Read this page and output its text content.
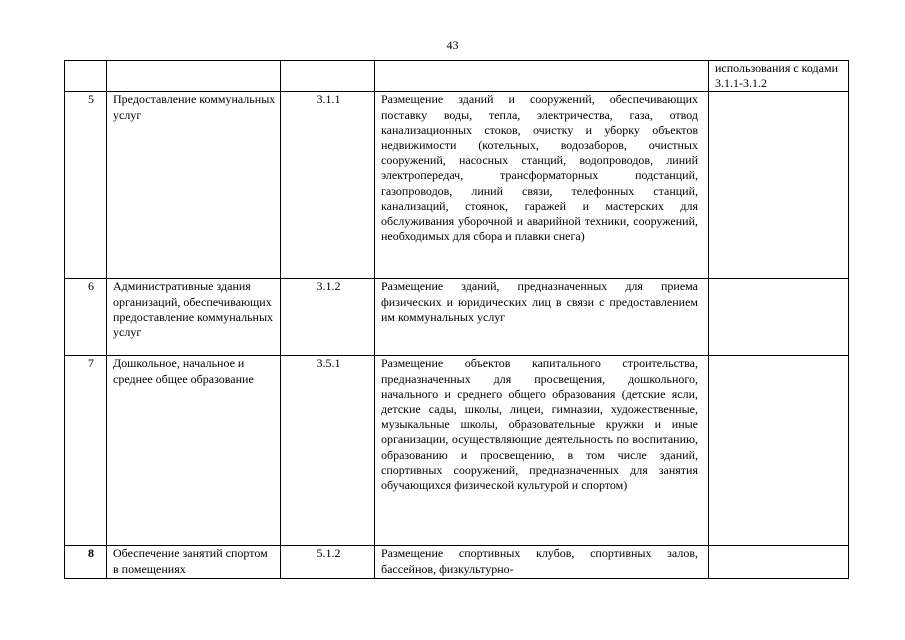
43
				использования с кодами 3.1.1-3.1.2
5	Предоставление коммунальных услуг	3.1.1	Размещение зданий и сооружений, обеспечивающих поставку воды, тепла, электричества, газа, отвод канализационных стоков, очистку и уборку объектов недвижимости (котельных, водозаборов, очистных сооружений, насосных станций, водопроводов, линий электропередач, трансформаторных подстанций, газопроводов, линий связи, телефонных станций, канализаций, стоянок, гаражей и мастерских для обслуживания уборочной и аварийной техники, сооружений, необходимых для сбора и плавки снега)	
6	Административные здания организаций, обеспечивающих предоставление коммунальных услуг	3.1.2	Размещение зданий, предназначенных для приема физических и юридических лиц в связи с предоставлением им коммунальных услуг	
7	Дошкольное, начальное и среднее общее образование	3.5.1	Размещение объектов капитального строительства, предназначенных для просвещения, дошкольного, начального и среднего общего образования (детские ясли, детские сады, школы, лицеи, гимназии, художественные, музыкальные школы, образовательные кружки и иные организации, осуществляющие деятельность по воспитанию, образованию и просвещению, в том числе зданий, спортивных сооружений, предназначенных для занятия обучающихся физической культурой и спортом)	
8	Обеспечение занятий спортом в помещениях	5.1.2	Размещение спортивных клубов, спортивных залов, бассейнов, физкультурно-	
